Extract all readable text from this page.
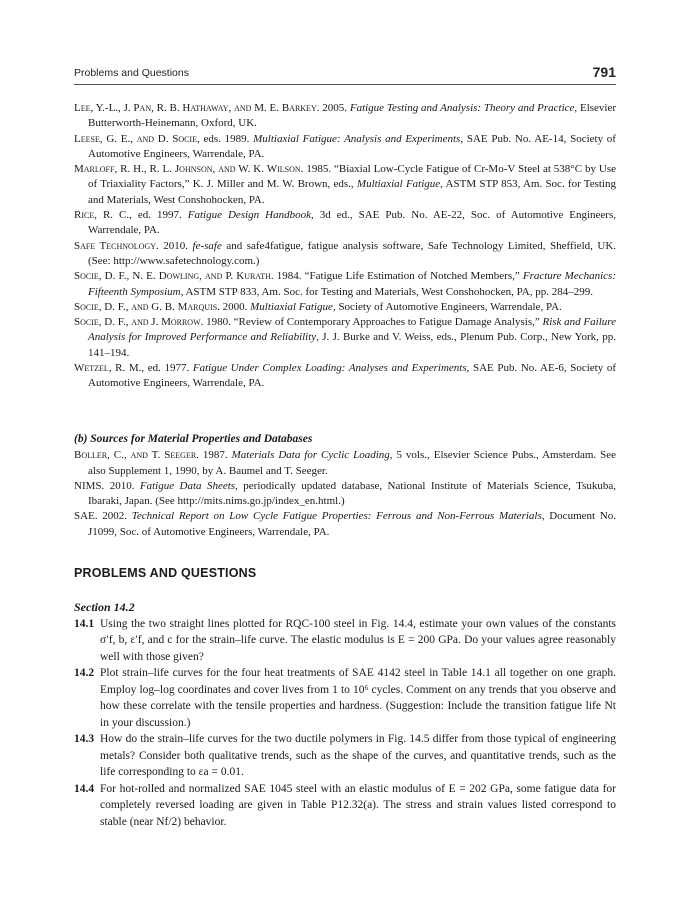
Problems and Questions	791

Lee, Y.-L., J. Pan, R. B. Hathaway, and M. E. Barkey. 2005. Fatigue Testing and Analysis: Theory and Practice, Elsevier Butterworth-Heinemann, Oxford, UK.

Leese, G. E., and D. Socie, eds. 1989. Multiaxial Fatigue: Analysis and Experiments, SAE Pub. No. AE-14, Society of Automotive Engineers, Warrendale, PA.

Marloff, R. H., R. L. Johnson, and W. K. Wilson. 1985. “Biaxial Low-Cycle Fatigue of Cr-Mo-V Steel at 538°C by Use of Triaxiality Factors,” K. J. Miller and M. W. Brown, eds., Multiaxial Fatigue, ASTM STP 853, Am. Soc. for Testing and Materials, West Conshohocken, PA.

Rice, R. C., ed. 1997. Fatigue Design Handbook, 3d ed., SAE Pub. No. AE-22, Soc. of Automotive Engineers, Warrendale, PA.

Safe Technology. 2010. fe-safe and safe4fatigue, fatigue analysis software, Safe Technology Limited, Sheffield, UK. (See: http://www.safetechnology.com.)

Socie, D. F., N. E. Dowling, and P. Kurath. 1984. “Fatigue Life Estimation of Notched Members,” Fracture Mechanics: Fifteenth Symposium, ASTM STP 833, Am. Soc. for Testing and Materials, West Conshohocken, PA, pp. 284–299.

Socie, D. F., and G. B. Marquis. 2000. Multiaxial Fatigue, Society of Automotive Engineers, Warrendale, PA.

Socie, D. F., and J. Morrow. 1980. “Review of Contemporary Approaches to Fatigue Damage Analysis,” Risk and Failure Analysis for Improved Performance and Reliability, J. J. Burke and V. Weiss, eds., Plenum Pub. Corp., New York, pp. 141–194.

Wetzel, R. M., ed. 1977. Fatigue Under Complex Loading: Analyses and Experiments, SAE Pub. No. AE-6, Society of Automotive Engineers, Warrendale, PA.

(b) Sources for Material Properties and Databases

Boller, C., and T. Seeger. 1987. Materials Data for Cyclic Loading, 5 vols., Elsevier Science Pubs., Amsterdam. See also Supplement 1, 1990, by A. Baumel and T. Seeger.

NIMS. 2010. Fatigue Data Sheets, periodically updated database, National Institute of Materials Science, Tsukuba, Ibaraki, Japan. (See http://mits.nims.go.jp/index_en.html.)

SAE. 2002. Technical Report on Low Cycle Fatigue Properties: Ferrous and Non-Ferrous Materials, Document No. J1099, Soc. of Automotive Engineers, Warrendale, PA.

PROBLEMS AND QUESTIONS
Section 14.2

14.1 Using the two straight lines plotted for RQC-100 steel in Fig. 14.4, estimate your own values of the constants σ′f, b, ε′f, and c for the strain–life curve. The elastic modulus is E = 200 GPa. Do your values agree reasonably well with those given?

14.2 Plot strain–life curves for the four heat treatments of SAE 4142 steel in Table 14.1 all together on one graph. Employ log–log coordinates and cover lives from 1 to 10⁶ cycles. Comment on any trends that you observe and how these correlate with the tensile properties and hardness. (Suggestion: Include the transition fatigue life Nt in your discussion.)

14.3 How do the strain–life curves for the two ductile polymers in Fig. 14.5 differ from those typical of engineering metals? Consider both qualitative trends, such as the shape of the curves, and quantitative trends, such as the life corresponding to εa = 0.01.

14.4 For hot-rolled and normalized SAE 1045 steel with an elastic modulus of E = 202 GPa, some fatigue data for completely reversed loading are given in Table P12.32(a). The stress and strain values listed correspond to stable (near Nf/2) behavior.
